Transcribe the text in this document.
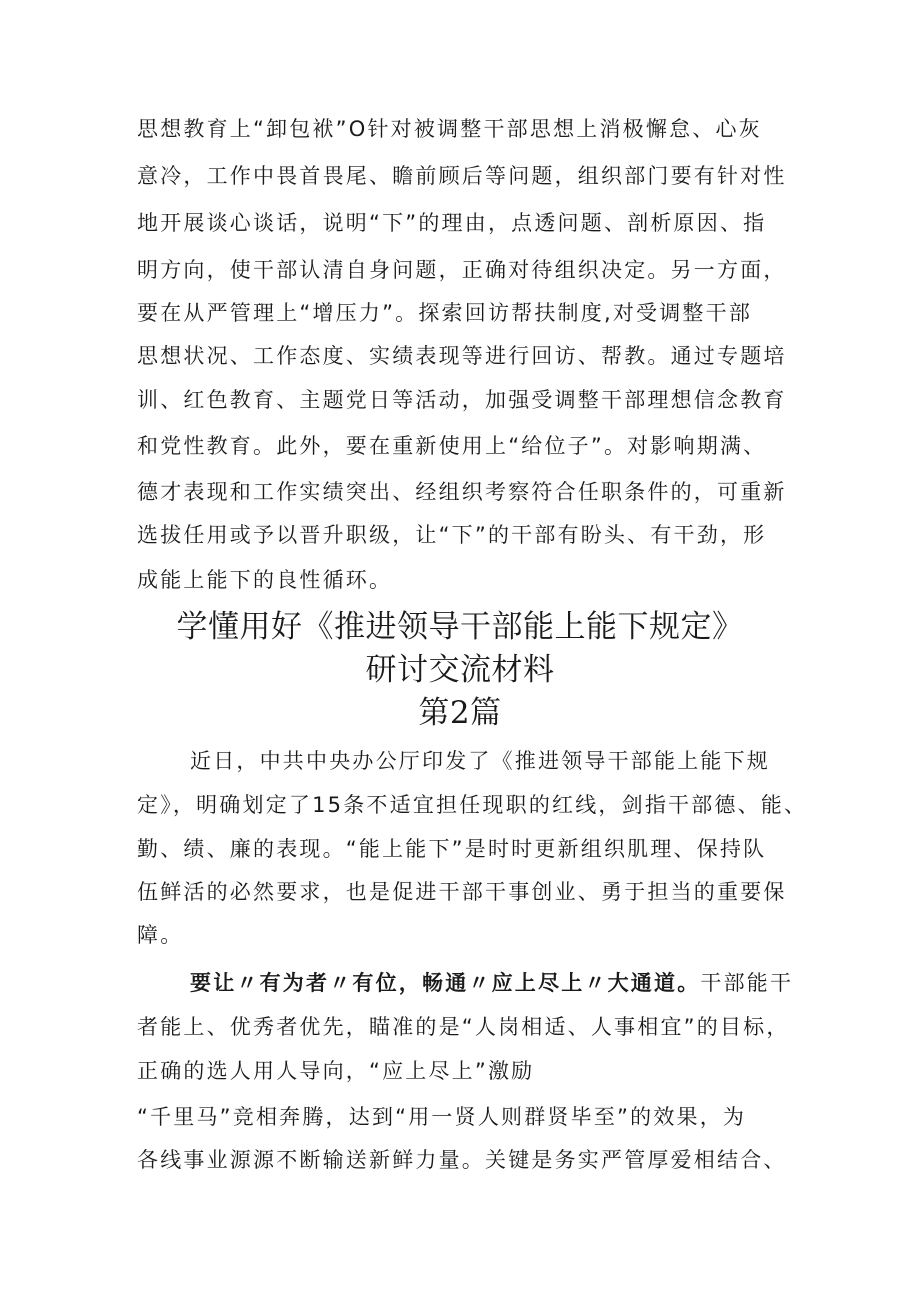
思想教育上“卸包袱”O针对被调整干部思想上消极懈怠、心灰
意冷，工作中畏首畏尾、瞻前顾后等问题，组织部门要有针对性
地开展谈心谈话，说明“下”的理由，点透问题、剖析原因、指
明方向，使干部认清自身问题，正确对待组织决定。另一方面，
要在从严管理上“增压力”。探索回访帮扶制度,对受调整干部
思想状况、工作态度、实绩表现等进行回访、帮教。通过专题培
训、红色教育、主题党日等活动，加强受调整干部理想信念教育
和党性教育。此外，要在重新使用上“给位子”。对影响期满、
德才表现和工作实绩突出、经组织考察符合任职条件的，可重新
选拔任用或予以晋升职级，让“下”的干部有盼头、有干劲，形
成能上能下的良性循环。
学懂用好《推进领导干部能上能下规定》
研讨交流材料
第2篇
近日，中共中央办公厅印发了《推进领导干部能上能下规
定》，明确划定了15条不适宜担任现职的红线，剑指干部德、能、
勤、绩、廉的表现。“能上能下”是时时更新组织肌理、保持队
伍鲜活的必然要求，也是促进干部干事创业、勇于担当的重要保
障。
要让〃有为者〃有位，畅通〃应上尽上〃大通道。干部能干
者能上、优秀者优先，瞄准的是“人岗相适、人事相宜”的目标，
正确的选人用人导向，“应上尽上”激励
“千里马”竞相奔腾，达到“用一贤人则群贤毕至”的效果，为
各线事业源源不断输送新鲜力量。关键是务实严管厚爱相结合、
